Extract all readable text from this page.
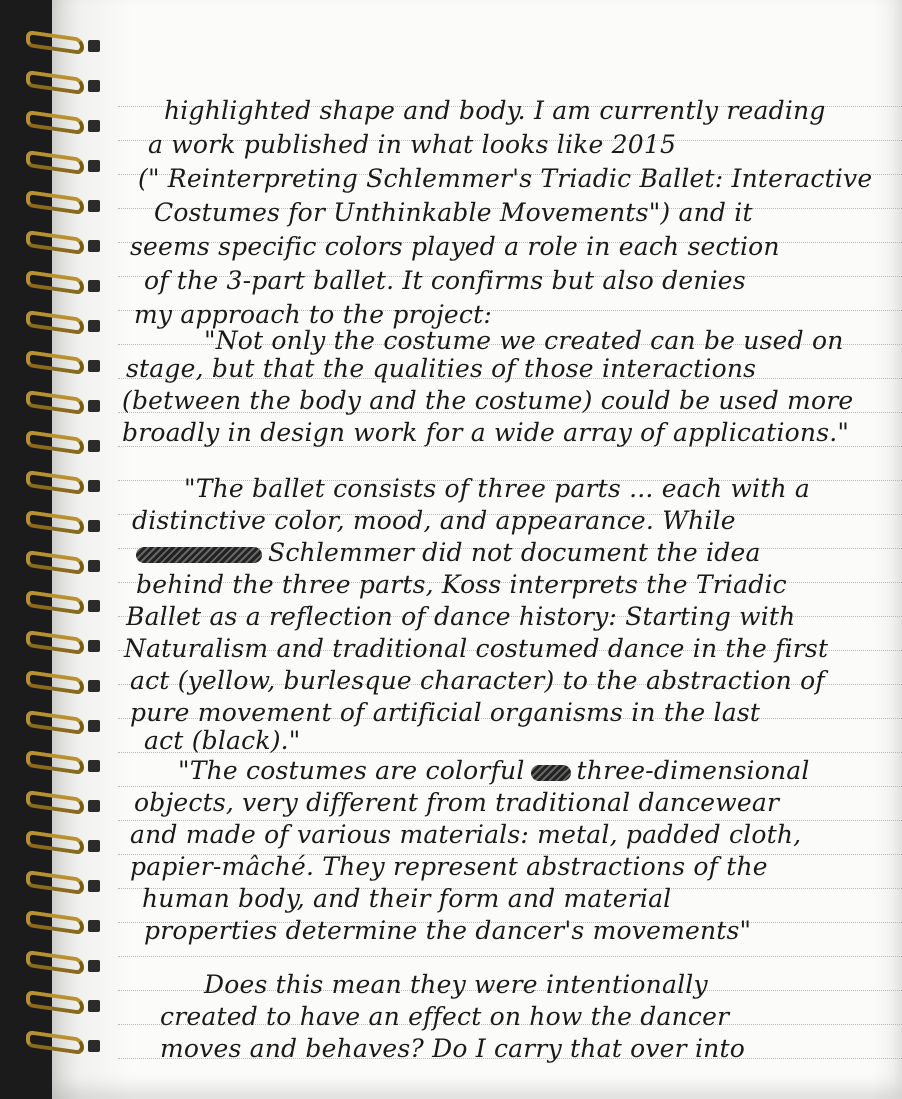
highlighted shape and body. I am currently reading
a work published in what looks like 2015
(" Reinterpreting Schlemmer's Triadic Ballet: Interactive
Costumes for Unthinkable Movements") and it
seems specific colors played a role in each section
of the 3-part ballet. It confirms but also denies
my approach to the project:
"Not only the costume we created can be used on
stage, but that the qualities of those interactions
(between the body and the costume) could be used more
broadly in design work for a wide array of applications."
"The ballet consists of three parts ... each with a
distinctive color, mood, and appearance. While
Schlemmer did not document the idea
behind the three parts, Koss interprets the Triadic
Ballet as a reflection of dance history: Starting with
Naturalism and traditional costumed dance in the first
act (yellow, burlesque character) to the abstraction of
pure movement of artificial organisms in the last
act (black)."
"The costumes are colorful three-dimensional
objects, very different from traditional dancewear
and made of various materials: metal, padded cloth,
papier-mâché. They represent abstractions of the
human body, and their form and material
properties determine the dancer's movements"
Does this mean they were intentionally
created to have an effect on how the dancer
moves and behaves? Do I carry that over into
